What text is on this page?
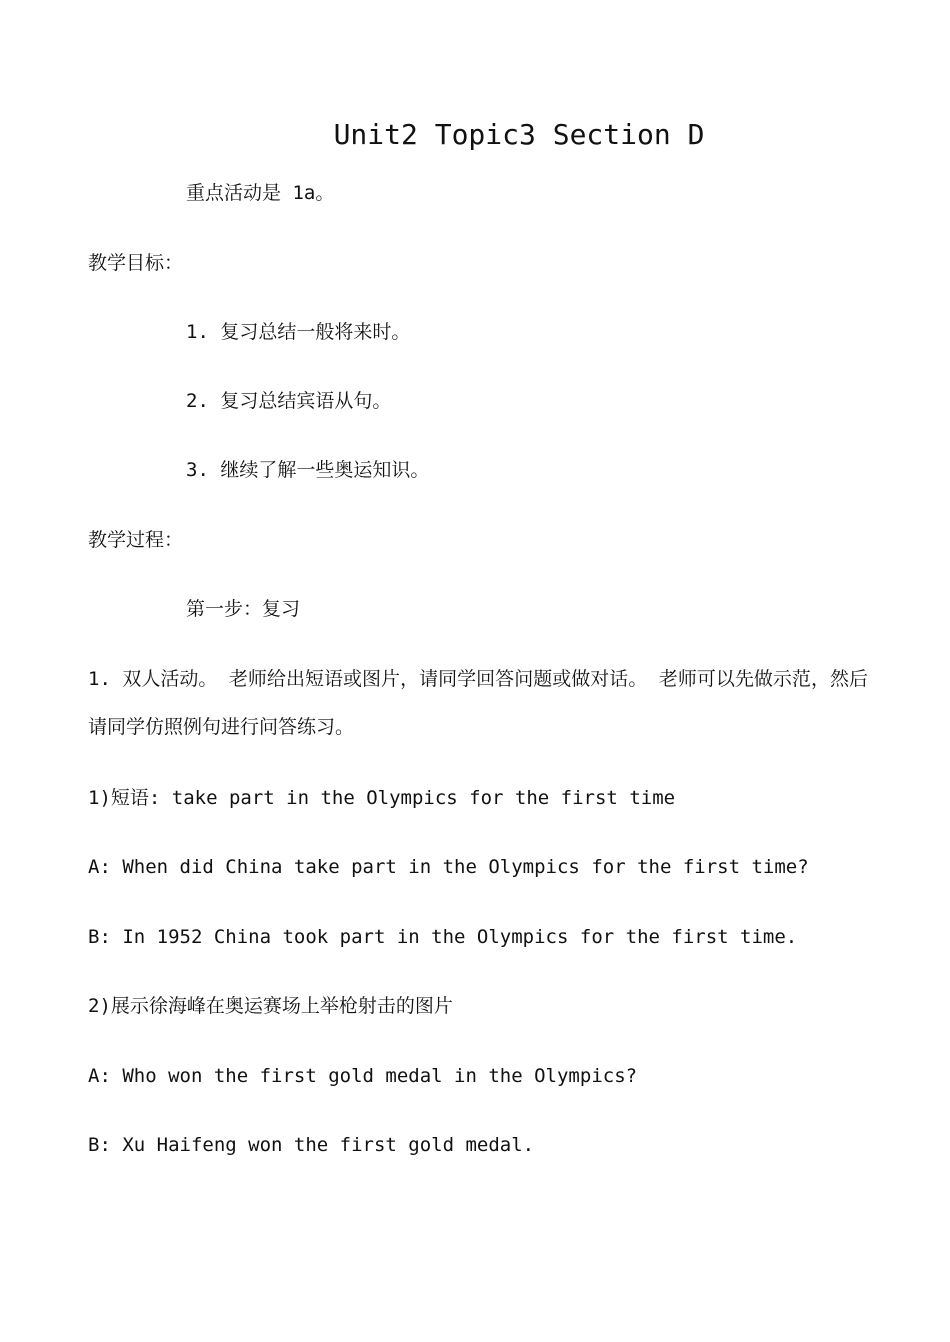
Unit2 Topic3 Section D

重点活动是 1a。

教学目标：

1. 复习总结一般将来时。

2. 复习总结宾语从句。

3. 继续了解一些奥运知识。

教学过程：

第一步：复习

1. 双人活动。 老师给出短语或图片，请同学回答问题或做对话。 老师可以先做示范，然后请同学仿照例句进行问答练习。

1)短语: take part in the Olympics for the first time

A: When did China take part in the Olympics for the first time?

B: In 1952 China took part in the Olympics for the first time.

2)展示徐海峰在奥运赛场上举枪射击的图片

A: Who won the first gold medal in the Olympics?

B: Xu Haifeng won the first gold medal.
